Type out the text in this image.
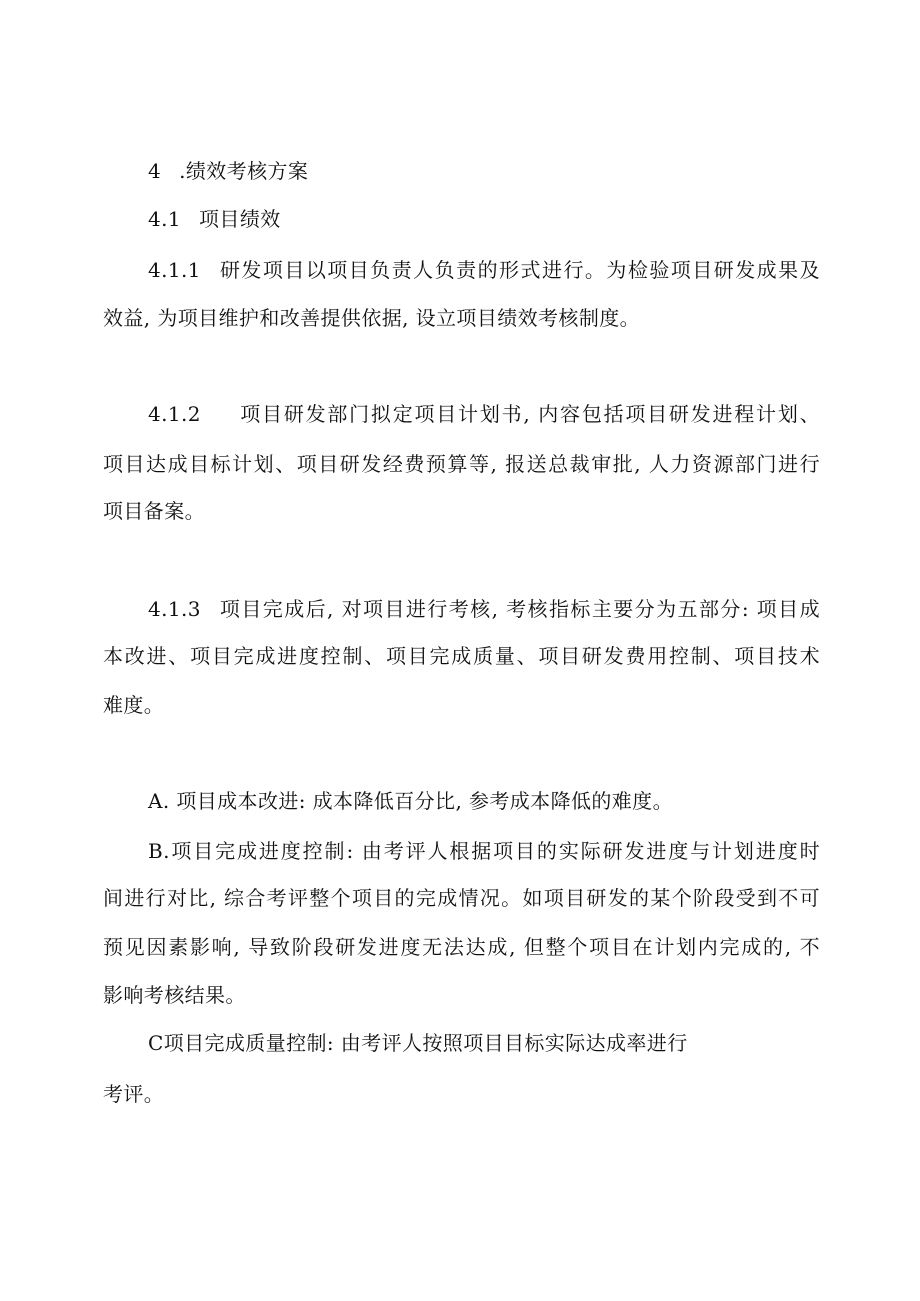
4 .绩效考核方案
4.1 项目绩效
4.1.1 研发项目以项目负责人负责的形式进行。为检验项目研发成果及
效益, 为项目维护和改善提供依据, 设立项目绩效考核制度。
4.1.2 项目研发部门拟定项目计划书, 内容包括项目研发进程计划、
项目达成目标计划、项目研发经费预算等, 报送总裁审批, 人力资源部门进行
项目备案。
4.1.3 项目完成后, 对项目进行考核, 考核指标主要分为五部分: 项目成
本改进、项目完成进度控制、项目完成质量、项目研发费用控制、项目技术
难度。
A. 项目成本改进: 成本降低百分比, 参考成本降低的难度。
B.项目完成进度控制: 由考评人根据项目的实际研发进度与计划进度时
间进行对比, 综合考评整个项目的完成情况。如项目研发的某个阶段受到不可
预见因素影响, 导致阶段研发进度无法达成, 但整个项目在计划内完成的, 不
影响考核结果。
C项目完成质量控制: 由考评人按照项目目标实际达成率进行
考评。
